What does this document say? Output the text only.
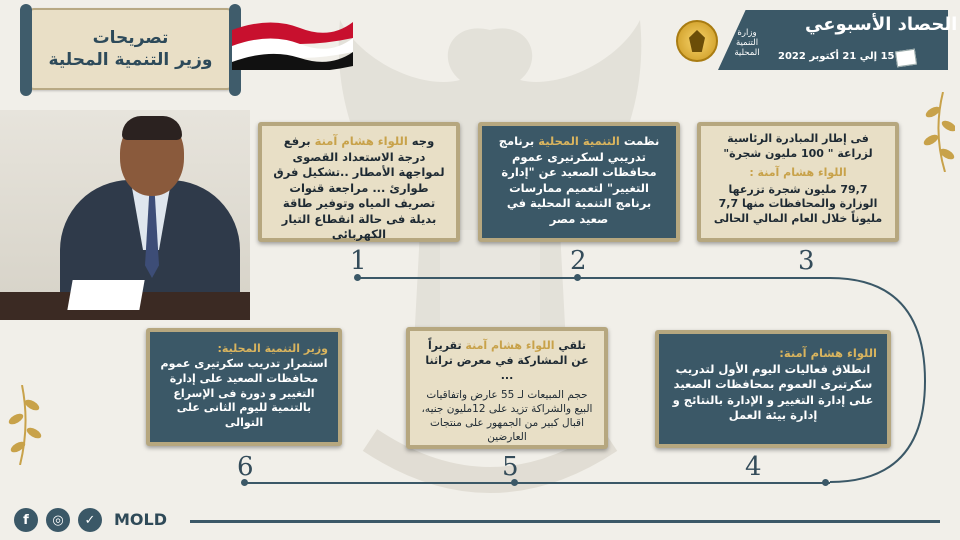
تصريحات
وزير التنمية المحلية
الحصاد الأسبوعي
وزارة التنمية المحلية	15 إلي 21 أكتوبر 2022
1	2	3
4
5
6
وجه اللواء هشام آمنة برفع درجة الاستعداد القصوى لمواجهة الأمطار ..تشكيل فرق طوارئ ... مراجعة قنوات تصريف المياه وتوفير طاقة بديلة فى حالة انقطاع التيار الكهربائى
نظمت التنمية المحلية برنامج تدريبي لسكرتيرى عموم محافظات الصعيد عن "إدارة التغيير" لتعميم ممارسات برنامج التنمية المحلية في صعيد مصر
فى إطار المبادرة الرئاسية لزراعة " 100 مليون شجرة"
اللواء هشام آمنة :
79,7 مليون شجرة تزرعها الوزارة والمحافظات منها 7,7 مليوناً خلال العام المالي الحالى
اللواء هشام آمنة:
انطلاق فعاليات اليوم الأول لتدريب سكرتيرى العموم بمحافظات الصعيد على إدارة التغيير و الإدارة بالنتائج و إدارة بيئة العمل
تلقي اللواء هشام آمنة تقريراً عن المشاركة في معرض تراثنا ...
حجم المبيعات لـ 55 عارض واتفاقيات البيع والشراكة تزيد على 12مليون جنيه، اقبال كبير من الجمهور على منتجات العارضين
وزير التنمية المحلية:
استمرار تدريب سكرتيرى عموم محافظات الصعيد على إدارة التغيير و دورة فى الإسراع بالتنمية لليوم الثانى على التوالى
f	◎	✓	MOLD
